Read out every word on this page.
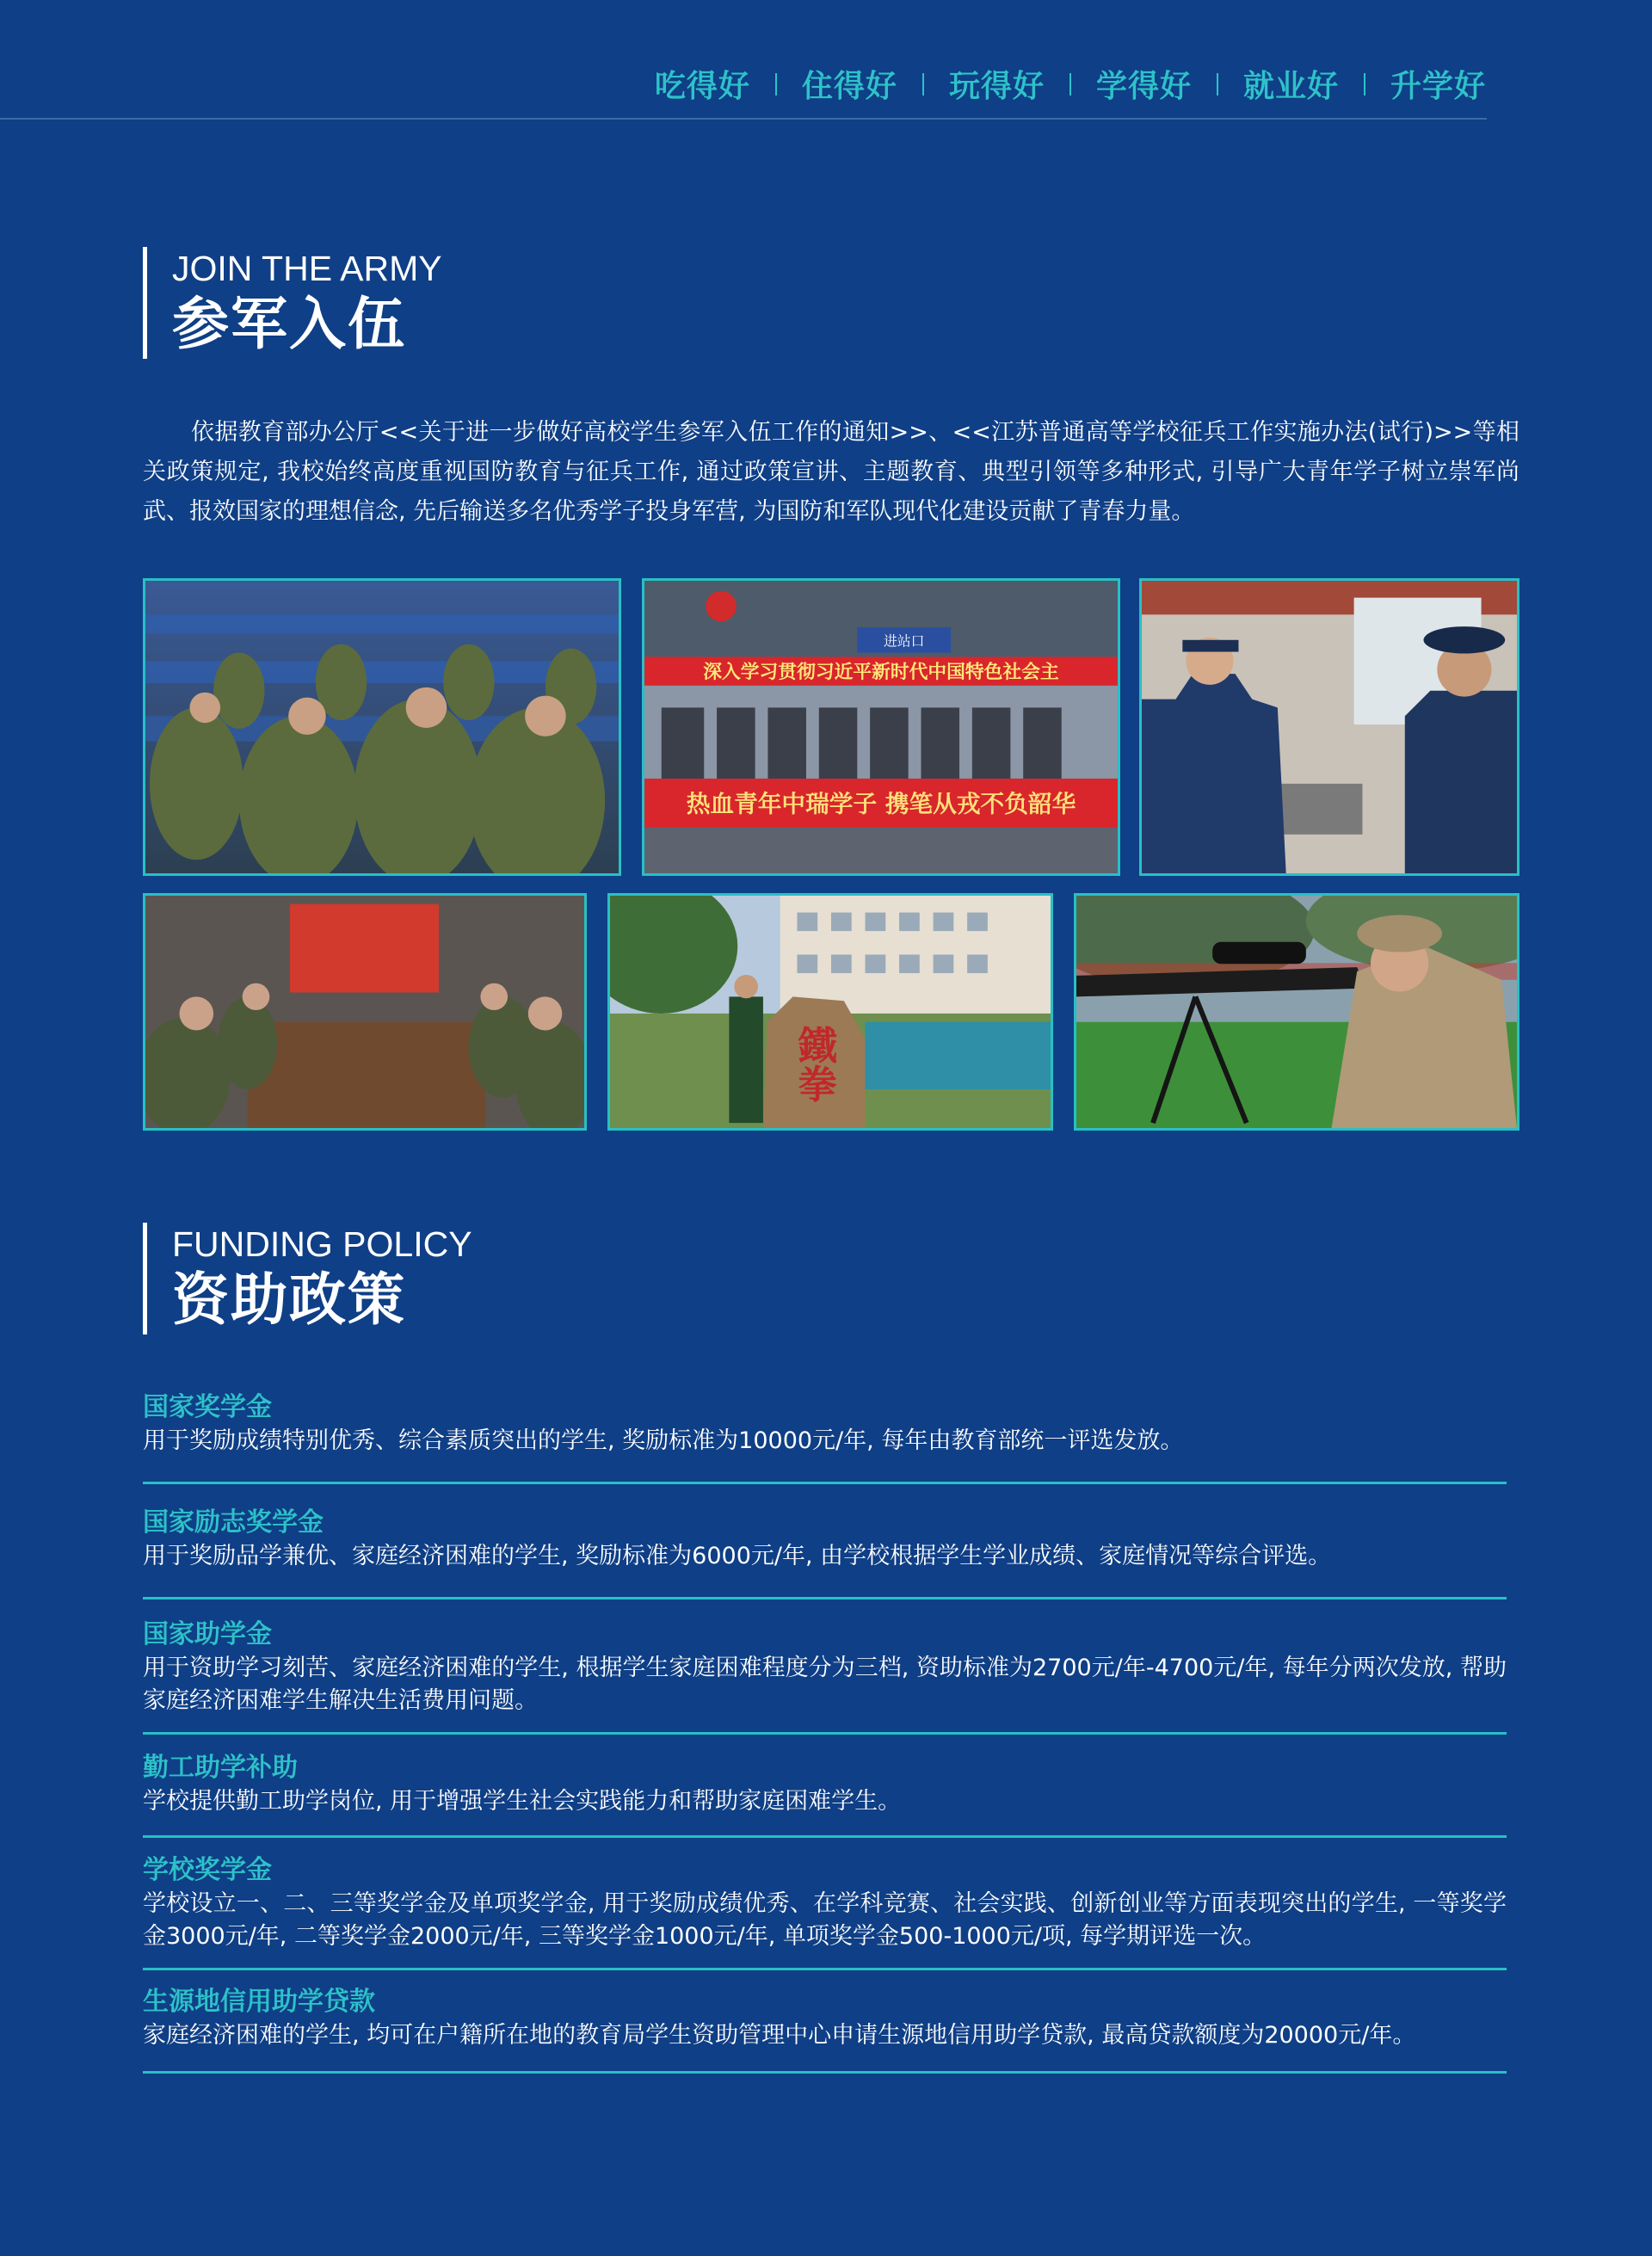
吃得好	住得好	玩得好	学得好	就业好	升学好
JOIN THE ARMY
参军入伍
依据教育部办公厅<<关于进一步做好高校学生参军入伍工作的通知>>、<<江苏普通高等学校征兵工作实施办法(试行)>>等相关政策规定, 我校始终高度重视国防教育与征兵工作, 通过政策宣讲、主题教育、典型引领等多种形式, 引导广大青年学子树立崇军尚武、报效国家的理想信念, 先后输送多名优秀学子投身军营, 为国防和军队现代化建设贡献了青春力量。
进站口
深入学习贯彻习近平新时代中国特色社会主
热血青年中瑞学子 携笔从戎不负韶华
鐵拳
FUNDING POLICY
资助政策
国家奖学金
用于奖励成绩特别优秀、综合素质突出的学生, 奖励标准为10000元/年, 每年由教育部统一评选发放。
国家励志奖学金
用于奖励品学兼优、家庭经济困难的学生, 奖励标准为6000元/年, 由学校根据学生学业成绩、家庭情况等综合评选。
国家助学金
用于资助学习刻苦、家庭经济困难的学生, 根据学生家庭困难程度分为三档, 资助标准为2700元/年-4700元/年, 每年分两次发放, 帮助家庭经济困难学生解决生活费用问题。
勤工助学补助
学校提供勤工助学岗位, 用于增强学生社会实践能力和帮助家庭困难学生。
学校奖学金
学校设立一、二、三等奖学金及单项奖学金, 用于奖励成绩优秀、在学科竞赛、社会实践、创新创业等方面表现突出的学生, 一等奖学金3000元/年, 二等奖学金2000元/年, 三等奖学金1000元/年, 单项奖学金500-1000元/项, 每学期评选一次。
生源地信用助学贷款
家庭经济困难的学生, 均可在户籍所在地的教育局学生资助管理中心申请生源地信用助学贷款, 最高贷款额度为20000元/年。
